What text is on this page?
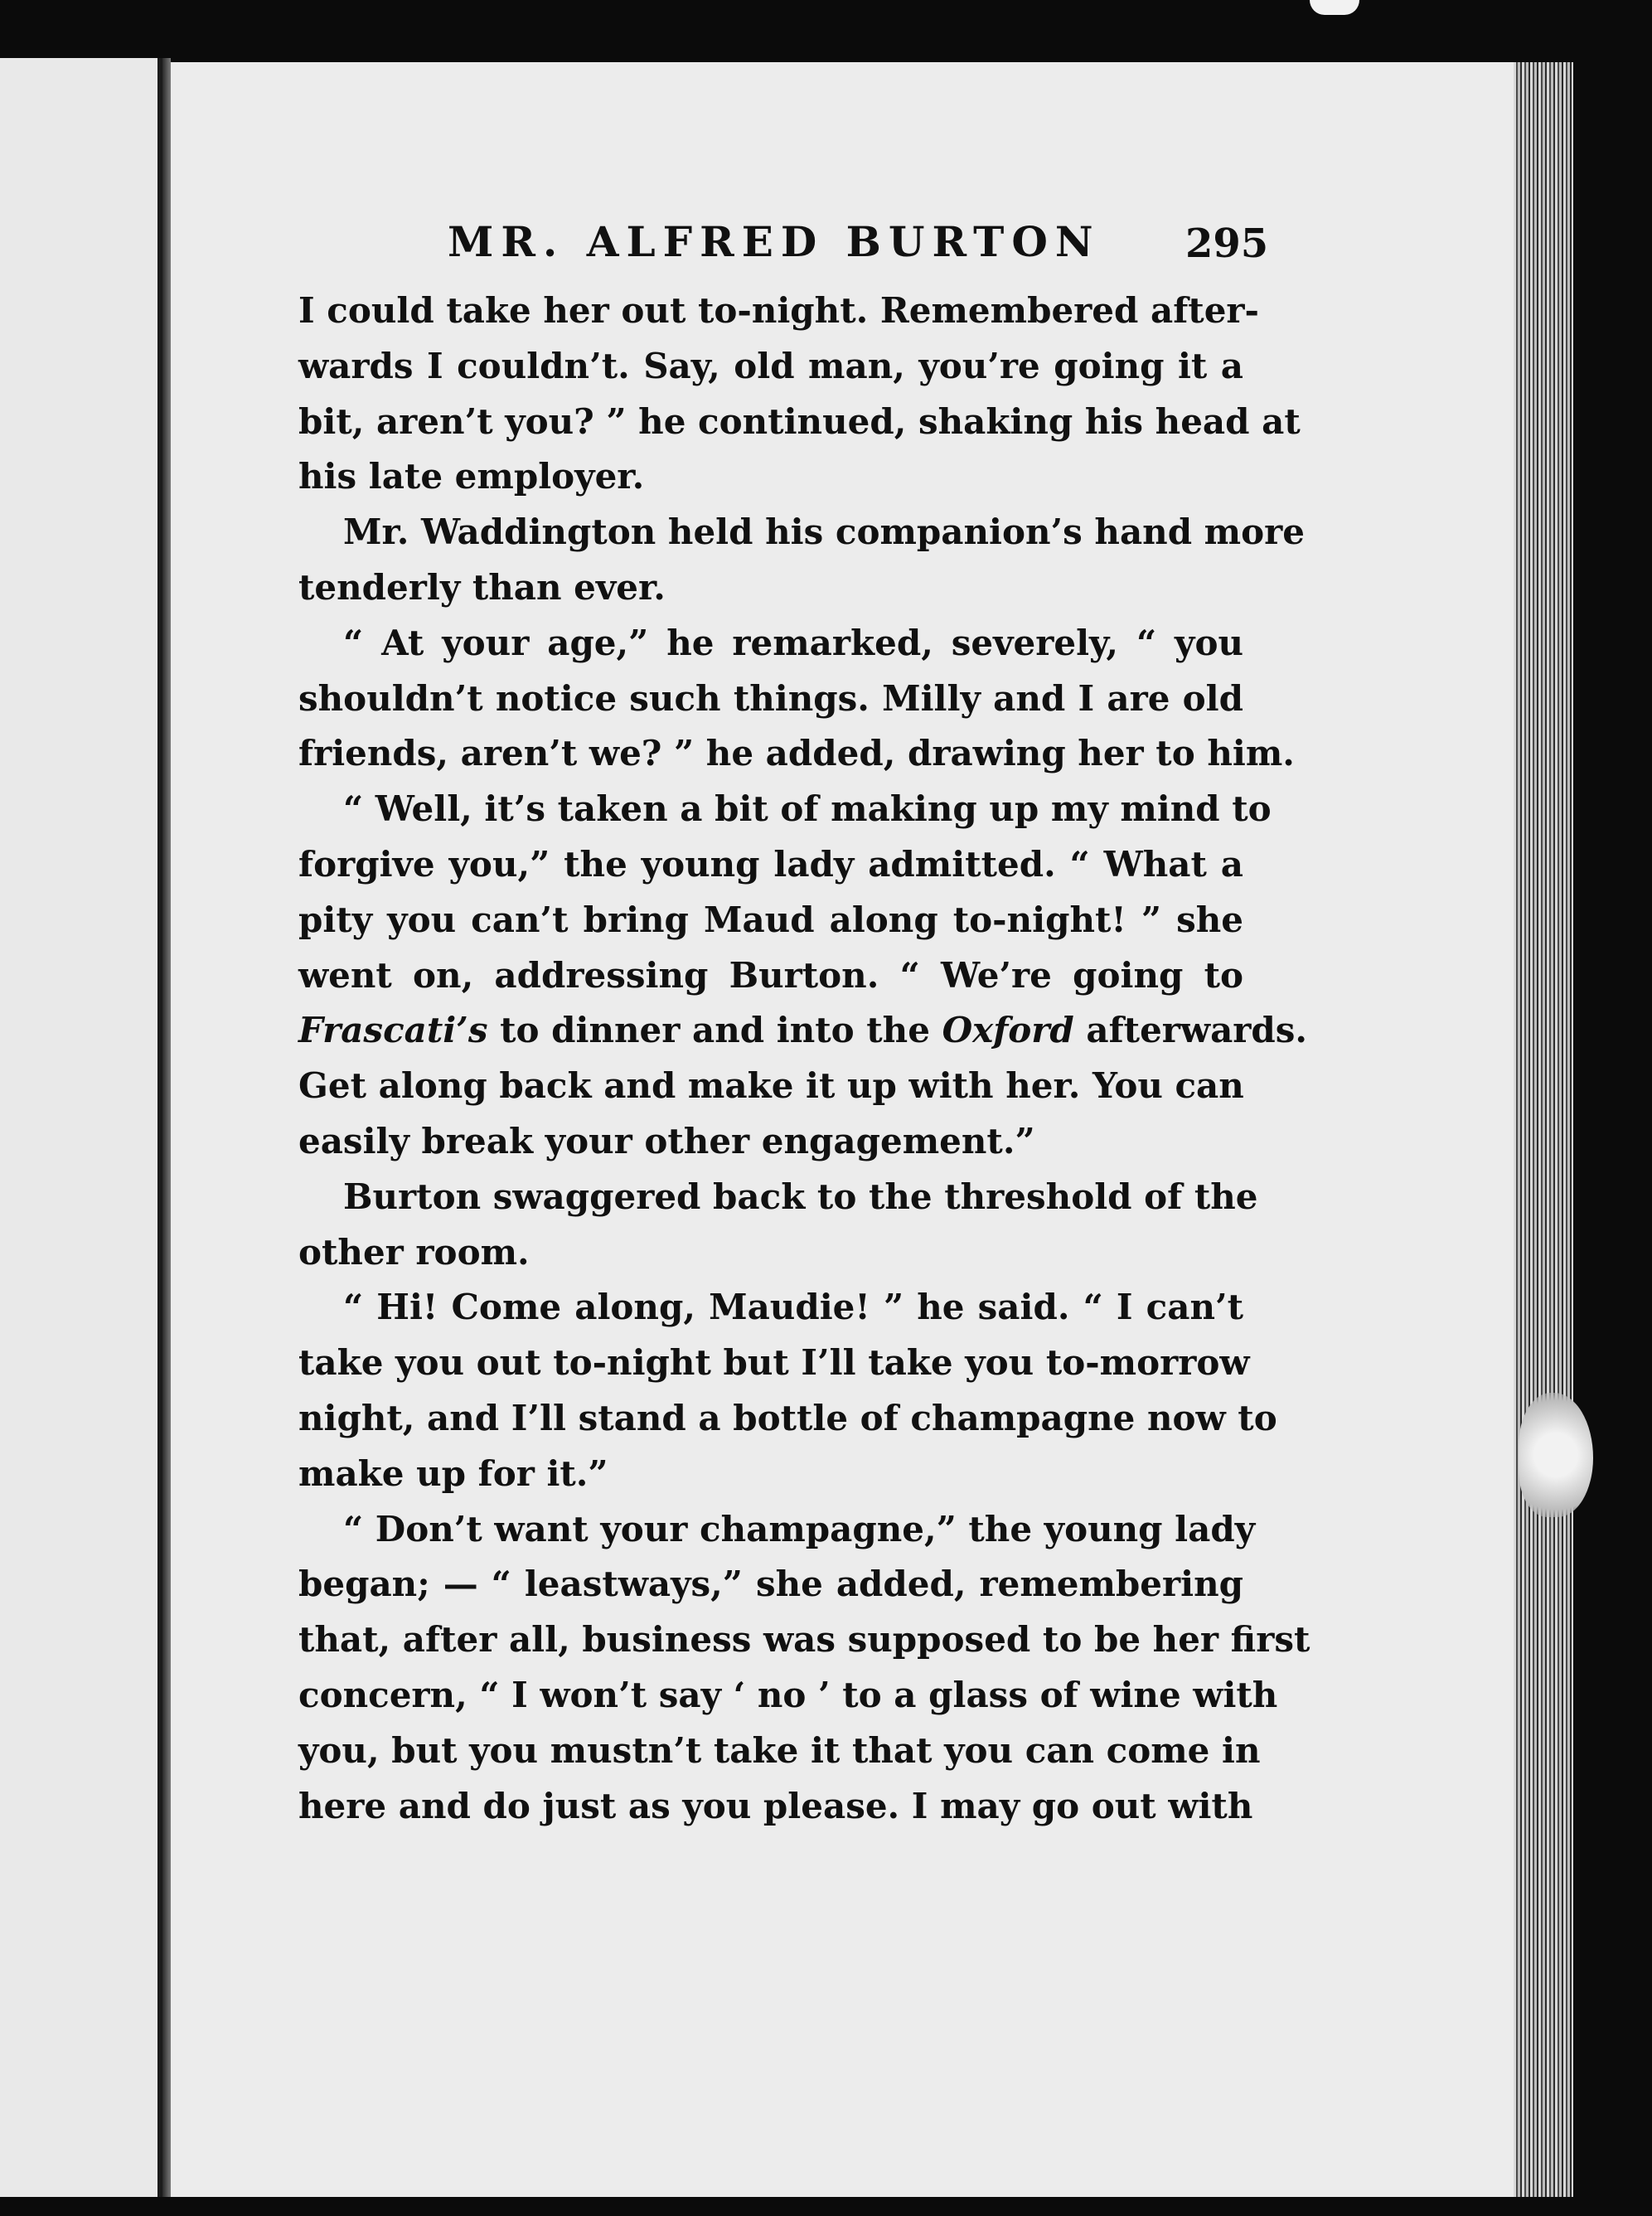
MR. ALFRED BURTON 295
I could take her out to-night. Remembered after-
wards I couldn’t. Say, old man, you’re going it a
bit, aren’t you? ” he continued, shaking his head at
his late employer.
Mr. Waddington held his companion’s hand more
tenderly than ever.
“ At your age,” he remarked, severely, “ you
shouldn’t notice such things. Milly and I are old
friends, aren’t we? ” he added, drawing her to him.
“ Well, it’s taken a bit of making up my mind to
forgive you,” the young lady admitted. “ What a
pity you can’t bring Maud along to-night! ” she
went on, addressing Burton. “ We’re going to
Frascati’s to dinner and into the Oxford afterwards.
Get along back and make it up with her. You can
easily break your other engagement.”
Burton swaggered back to the threshold of the
other room.
“ Hi! Come along, Maudie! ” he said. “ I can’t
take you out to-night but I’ll take you to-morrow
night, and I’ll stand a bottle of champagne now to
make up for it.”
“ Don’t want your champagne,” the young lady
began; — “ leastways,” she added, remembering
that, after all, business was supposed to be her first
concern, “ I won’t say ‘ no ’ to a glass of wine with
you, but you mustn’t take it that you can come in
here and do just as you please. I may go out with
